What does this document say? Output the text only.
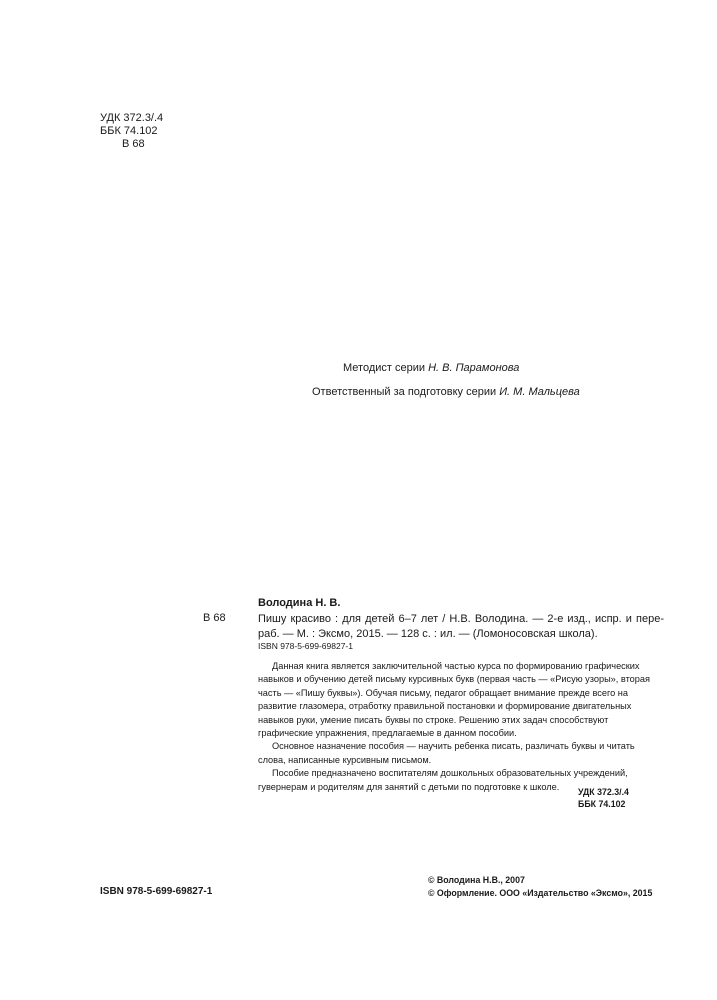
УДК 372.3/.4
ББК 74.102
В 68
Методист серии Н. В. Парамонова
Ответственный за подготовку серии И. М. Мальцева
Володина Н. В.
В 68	Пишу красиво : для детей 6–7 лет / Н.В. Володина. — 2-е изд., испр. и пере-раб. — М. : Эксмо, 2015. — 128 с. : ил. — (Ломоносовская школа).
ISBN 978-5-699-69827-1

Данная книга является заключительной частью курса по формированию графических навыков и обучению детей письму курсивных букв (первая часть — «Рисую узоры», вторая часть — «Пишу буквы»). Обучая письму, педагог обращает внимание прежде всего на развитие глазомера, отработку правильной постановки и формирование двигательных навыков руки, умение писать буквы по строке. Решению этих задач способствуют графические упражнения, предлагаемые в данном пособии.

Основное назначение пособия — научить ребенка писать, различать буквы и читать слова, написанные курсивным письмом.

Пособие предназначено воспитателям дошкольных образовательных учреждений, гувернерам и родителям для занятий с детьми по подготовке к школе.

УДК 372.3/.4
ББК 74.102
ISBN 978-5-699-69827-1
© Володина Н.В., 2007
© Оформление. ООО «Издательство «Эксмо», 2015
